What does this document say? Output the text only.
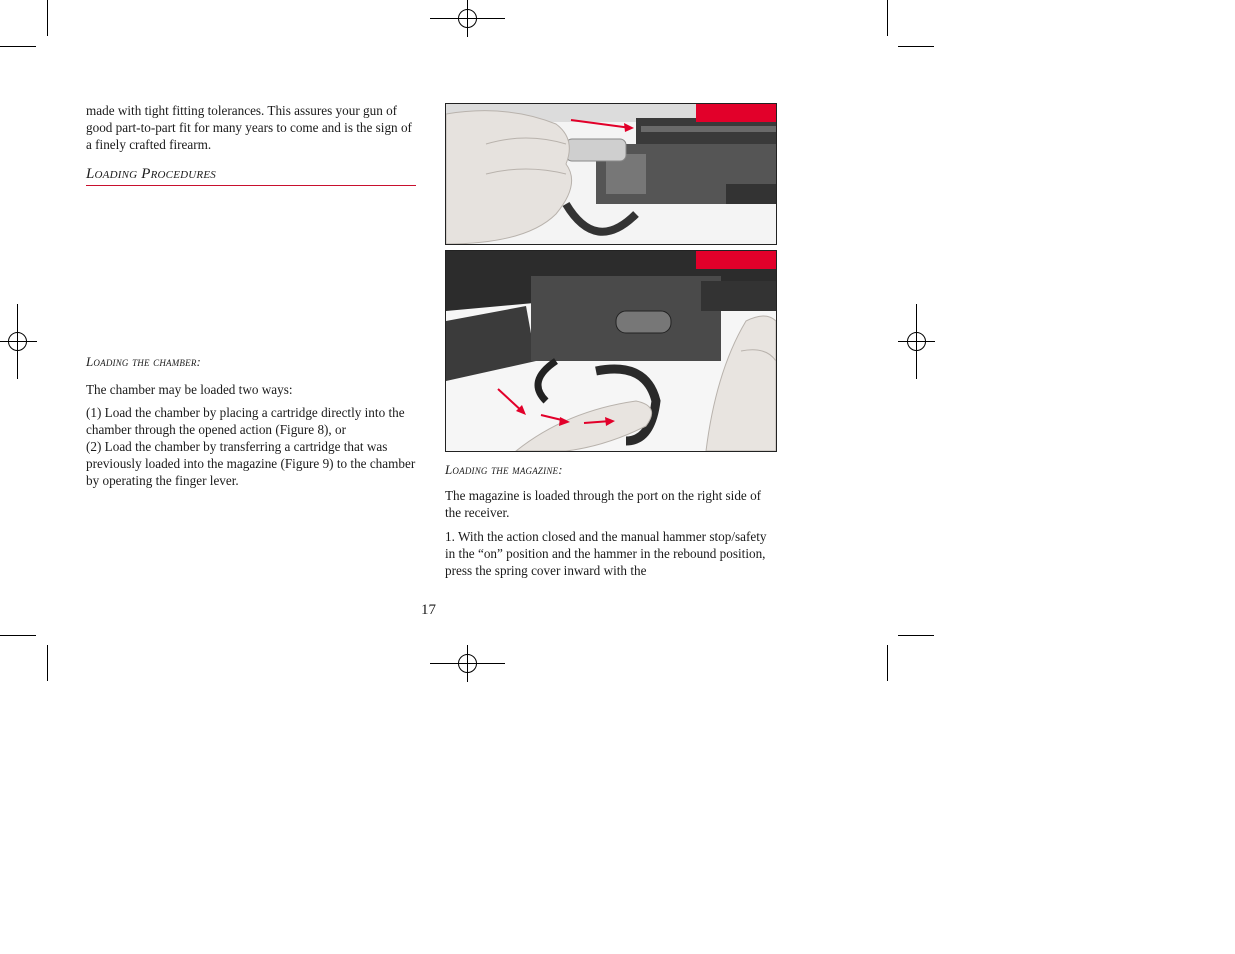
made with tight fitting tolerances. This assures your gun of good part-to-part fit for many years to come and is the sign of a finely crafted firearm.

Loading Procedures
Loading the chamber:

The chamber may be loaded two ways:

(1) Load the chamber by placing a cartridge directly into the chamber through the opened action (Figure 8), or

(2) Load the chamber by transferring a cartridge that was previously loaded into the magazine (Figure 9) to the chamber by operating the finger lever.

Loading the magazine:

The magazine is loaded through the port on the right side of the receiver.

1. With the action closed and the manual hammer stop/safety in the “on” position and the hammer in the rebound position, press the spring cover inward with the

17
